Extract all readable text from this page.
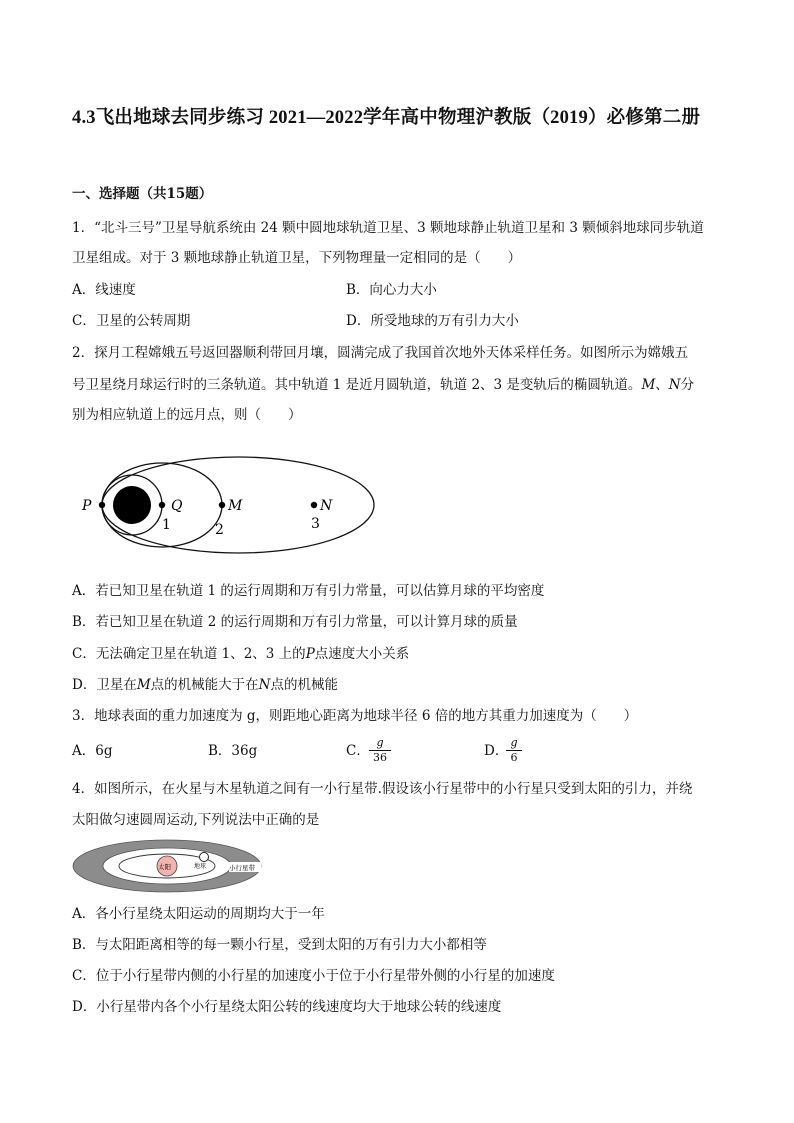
4.3飞出地球去同步练习 2021—2022学年高中物理沪教版（2019）必修第二册
一、选择题（共15题）
1．“北斗三号”卫星导航系统由 24 颗中圆地球轨道卫星、3 颗地球静止轨道卫星和 3 颗倾斜地球同步轨道
卫星组成。对于 3 颗地球静止轨道卫星，下列物理量一定相同的是（　　）
A．线速度	B．向心力大小
C．卫星的公转周期	D．所受地球的万有引力大小
2．探月工程嫦娥五号返回器顺利带回月壤，圆满完成了我国首次地外天体采样任务。如图所示为嫦娥五
号卫星绕月球运行时的三条轨道。其中轨道 1 是近月圆轨道，轨道 2、3 是变轨后的椭圆轨道。M、N分
别为相应轨道上的远月点，则（　　）
P	Q	M	N
1	2	3
A．若已知卫星在轨道 1 的运行周期和万有引力常量，可以估算月球的平均密度
B．若已知卫星在轨道 2 的运行周期和万有引力常量，可以计算月球的质量
C．无法确定卫星在轨道 1、2、3 上的P点速度大小关系
D．卫星在M点的机械能大于在N点的机械能
3．地球表面的重力加速度为 g，则距地心距离为地球半径 6 倍的地方其重力加速度为（　　）
A．6g	B．36g	C． $\frac{g}{36}$	D．
$\frac{g}{6}$
4．如图所示，在火星与木星轨道之间有一小行星带.假设该小行星带中的小行星只受到太阳的引力，并绕
太阳做匀速圆周运动,下列说法中正确的是
太阳	地球	小行星带
A．各小行星绕太阳运动的周期均大于一年
B．与太阳距离相等的每一颗小行星，受到太阳的万有引力大小都相等
C．位于小行星带内侧的小行星的加速度小于位于小行星带外侧的小行星的加速度
D．小行星带内各个小行星绕太阳公转的线速度均大于地球公转的线速度
